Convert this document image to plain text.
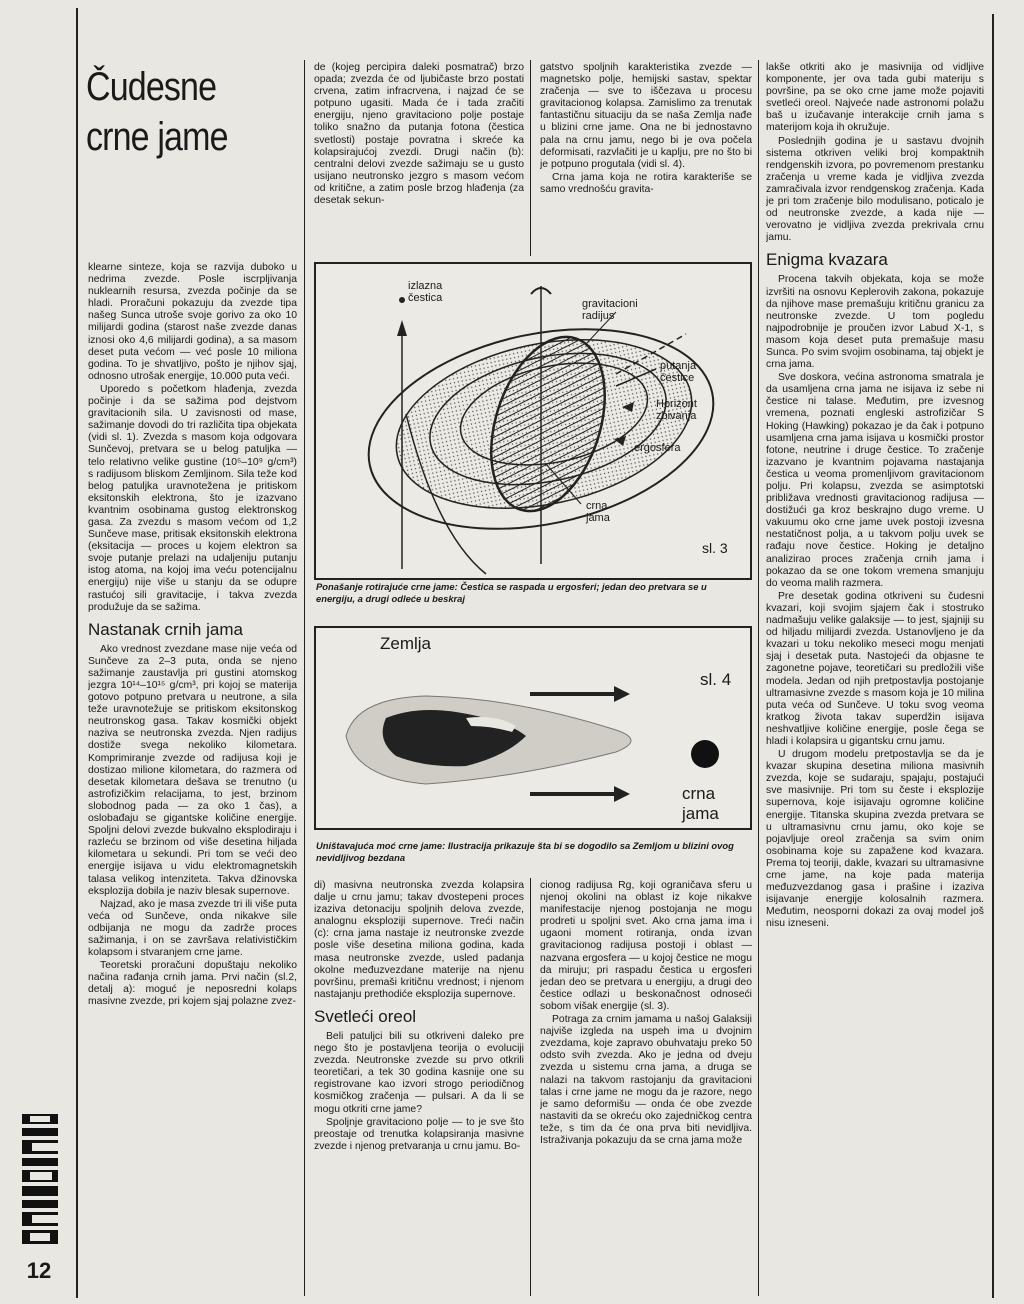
12
Čudesne crne jame

klearne sinteze, koja se razvija duboko u nedrima zvezde. Posle iscrpljivanja nuklearnih resursa, zvezda počinje da se hladi. Proračuni pokazuju da zvezde tipa našeg Sunca utroše svoje gorivo za oko 10 milijardi godina (starost naše zvezde danas iznosi oko 4,6 milijardi godina), a sa masom deset puta većom — već posle 10 miliona godina. To je shvatljivo, pošto je njihov sjaj, odnosno utrošak energije, 10.000 puta veći.

Uporedo s početkom hlađenja, zvezda počinje i da se sažima pod dejstvom gravitacionih sila. U zavisnosti od mase, sažimanje dovodi do tri različita tipa objekata (vidi sl. 1). Zvezda s masom koja odgovara Sunčevoj, pretvara se u belog patuljka — telo relativno velike gustine (10⁵–10⁹ g/cm³) s radijusom bliskom Zemljinom. Sila teže kod belog patuljka uravnotežena je pritiskom eksitonskih elektrona, što je izazvano kvantnim osobinama gustog elektronskog gasa. Za zvezdu s masom većom od 1,2 Sunčeve mase, pritisak eksitonskih elektrona (eksitacija — proces u kojem elektron sa svoje putanje prelazi na udaljeniju putanju istog atoma, na kojoj ima veću potencijalnu energiju) nije više u stanju da se odupre rastućoj sili gravitacije, i takva zvezda produžuje da se sažima.

Nastanak crnih jama

Ako vrednost zvezdane mase nije veća od Sunčeve za 2–3 puta, onda se njeno sažimanje zaustavlja pri gustini atomskog jezgra 10¹⁴–10¹⁵ g/cm³, pri kojoj se materija gotovo potpuno pretvara u neutrone, a sila teže uravnotežuje se pritiskom eksitonskog neutronskog gasa. Takav kosmički objekt naziva se neutronska zvezda. Njen radijus dostiže svega nekoliko kilometara. Komprimiranje zvezde od radijusa koji je dostizao milione kilometara, do razmera od desetak kilometara dešava se trenutno (u astrofizičkim relacijama, to jest, brzinom slobodnog pada — za oko 1 čas), a oslobađaju se gigantske količine energije. Spoljni delovi zvezde bukvalno eksplodiraju i razleću se brzinom od više desetina hiljada kilometara u sekundi. Pri tom se veći deo energije isijava u vidu elektromagnetskih talasa velikog intenziteta. Takva džinovska eksplozija dobila je naziv blesak supernove.

Najzad, ako je masa zvezde tri ili više puta veća od Sunčeve, onda nikakve sile odbijanja ne mogu da zadrže proces sažimanja, i on se završava relativističkim kolapsom i stvaranjem crne jame.

Teoretski proračuni dopuštaju nekoliko načina rađanja crnih jama. Prvi način (sl.2, detalj a): moguć je neposredni kolaps masivne zvezde, pri kojem sjaj polazne zvez-

de (kojeg percipira daleki posmatrač) brzo opada; zvezda će od ljubičaste brzo postati crvena, zatim infracrvena, i najzad će se potpuno ugasiti. Mada će i tada zračiti energiju, njeno gravitaciono polje postaje toliko snažno da putanja fotona (čestica svetlosti) postaje povratna i skreće ka kolapsirajućoj zvezdi. Drugi način (b): centralni delovi zvezde sažimaju se u gusto usijano neutronsko jezgro s masom većom od kritične, a zatim posle brzog hlađenja (za desetak sekun-

gatstvo spoljnih karakteristika zvezde — magnetsko polje, hemijski sastav, spektar zračenja — sve to iščezava u procesu gravitacionog kolapsa. Zamislimo za trenutak fantastičnu situaciju da se naša Zemlja nađe u blizini crne jame. Ona ne bi jednostavno pala na crnu jamu, nego bi je ova počela deformisati, razvlačiti je u kaplju, pre no što bi je potpuno progutala (vidi sl. 4).

Crna jama koja ne rotira karakteriše se samo vrednošću gravita-

izlazna čestica	gravitacioni radijus
putanja čestice
Horizont zbivanja
ergosfera
crna jama
sl. 3
Ponašanje rotirajuće crne jame: Čestica se raspada u ergosferi; jedan deo pretvara se u energiju, a drugi odleće u beskraj
Zemlja
sl. 4
crna jama
Uništavajuća moć crne jame: Ilustracija prikazuje šta bi se dogodilo sa Zemljom u blizini ovog nevidljivog bezdana

di) masivna neutronska zvezda kolapsira dalje u crnu jamu; takav dvostepeni proces izaziva detonaciju spoljnih delova zvezde, analognu eksploziji supernove. Treći način (c): crna jama nastaje iz neutronske zvezde posle više desetina miliona godina, kada masa neutronske zvezde, usled padanja okolne međuzvezdane materije na njenu površinu, premaši kritičnu vrednost; i njenom nastajanju prethodiće eksplozija supernove.

Svetleći oreol

Beli patuljci bili su otkriveni daleko pre nego što je postavljena teorija o evoluciji zvezda. Neutronske zvezde su prvo otkrili teoretičari, a tek 30 godina kasnije one su registrovane kao izvori strogo periodičnog kosmičkog zračenja — pulsari. A da li se mogu otkriti crne jame?

Spoljnje gravitaciono polje — to je sve što preostaje od trenutka kolapsiranja masivne zvezde i njenog pretvaranja u crnu jamu. Bo-

cionog radijusa Rg, koji ograničava sferu u njenoj okolini na oblast iz koje nikakve manifestacije njenog postojanja ne mogu prodreti u spoljni svet. Ako crna jama ima i ugaoni moment rotiranja, onda izvan gravitacionog radijusa postoji i oblast — nazvana ergosfera — u kojoj čestice ne mogu da miruju; pri raspadu čestica u ergosferi jedan deo se pretvara u energiju, a drugi deo čestice odlazi u beskonačnost odnoseći sobom višak energije (sl. 3).

Potraga za crnim jamama u našoj Galaksiji najviše izgleda na uspeh ima u dvojnim zvezdama, koje zapravo obuhvataju preko 50 odsto svih zvezda. Ako je jedna od dveju zvezda u sistemu crna jama, a druga se nalazi na takvom rastojanju da gravitacioni talas i crne jame ne mogu da je razore, nego je samo deformišu — onda će obe zvezde nastaviti da se okreću oko zajedničkog centra teže, s tim da će ona prva biti nevidljiva. Istraživanja pokazuju da se crna jama može

lakše otkriti ako je masivnija od vidljive komponente, jer ova tada gubi materiju s površine, pa se oko crne jame može pojaviti svetleći oreol. Najveće nade astronomi polažu baš u izučavanje interakcije crnih jama s materijom koja ih okružuje.

Poslednjih godina je u sastavu dvojnih sistema otkriven veliki broj kompaktnih rendgenskih izvora, po povremenom prestanku zračenja u vreme kada je vidljiva zvezda zamračivala izvor rendgenskog zračenja. Kada je pri tom zračenje bilo modulisano, poticalo je od neutronske zvezde, a kada nije — verovatno je vidljiva zvezda prekrivala crnu jamu.

Enigma kvazara

Procena takvih objekata, koja se može izvršiti na osnovu Keplerovih zakona, pokazuje da njihove mase premašuju kritičnu granicu za neutronske zvezde. U tom pogledu najpodrobnije je proučen izvor Labud X-1, s masom koja deset puta premašuje masu Sunca. Po svim svojim osobinama, taj objekt je crna jama.

Sve doskora, većina astronoma smatrala je da usamljena crna jama ne isijava iz sebe ni čestice ni talase. Međutim, pre izvesnog vremena, poznati engleski astrofizičar S Hoking (Hawking) pokazao je da čak i potpuno usamljena crna jama isijava u kosmički prostor fotone, neutrine i druge čestice. To zračenje izazvano je kvantnim pojavama nastajanja čestica u veoma promenljivom gravitacionom polju. Pri kolapsu, zvezda se asimptotski približava vrednosti gravitacionog radijusa — dostižući ga kroz beskrajno dugo vreme. U vakuumu oko crne jame uvek postoji izvesna nestatičnost polja, a u takvom polju uvek se rađaju nove čestice. Hoking je detaljno analizirao proces zračenja crnih jama i pokazao da se one tokom vremena smanjuju do veoma malih razmera.

Pre desetak godina otkriveni su čudesni kvazari, koji svojim sjajem čak i stostruko nadmašuju velike galaksije — to jest, sjajniji su od hiljadu milijardi zvezda. Ustanovljeno je da kvazari u toku nekoliko meseci mogu menjati sjaj i desetak puta. Nastojeći da objasne te zagonetne pojave, teoretičari su predložili više modela. Jedan od njih pretpostavlja postojanje ultramasivne zvezde s masom koja je 10 milina puta veća od Sunčeve. U toku svog veoma kratkog života takav superdžin isijava neshvatljive količine energije, posle čega se hladi i kolapsira u gigantsku crnu jamu.

U drugom modelu pretpostavlja se da je kvazar skupina desetina miliona masivnih zvezda, koje se sudaraju, spajaju, postajući sve masivnije. Pri tom su česte i eksplozije supernova, koje isijavaju ogromne količine energije. Titanska skupina zvezda pretvara se u ultramasivnu crnu jamu, oko koje se pojavljuje oreol zračenja sa svim onim osobinama koje su zapažene kod kvazara. Prema toj teoriji, dakle, kvazari su ultramasivne crne jame, na koje pada materija međuzvezdanog gasa i prašine i izaziva isijavanje energije kolosalnih razmera. Međutim, neosporni dokazi za ovaj model još nisu izneseni.
